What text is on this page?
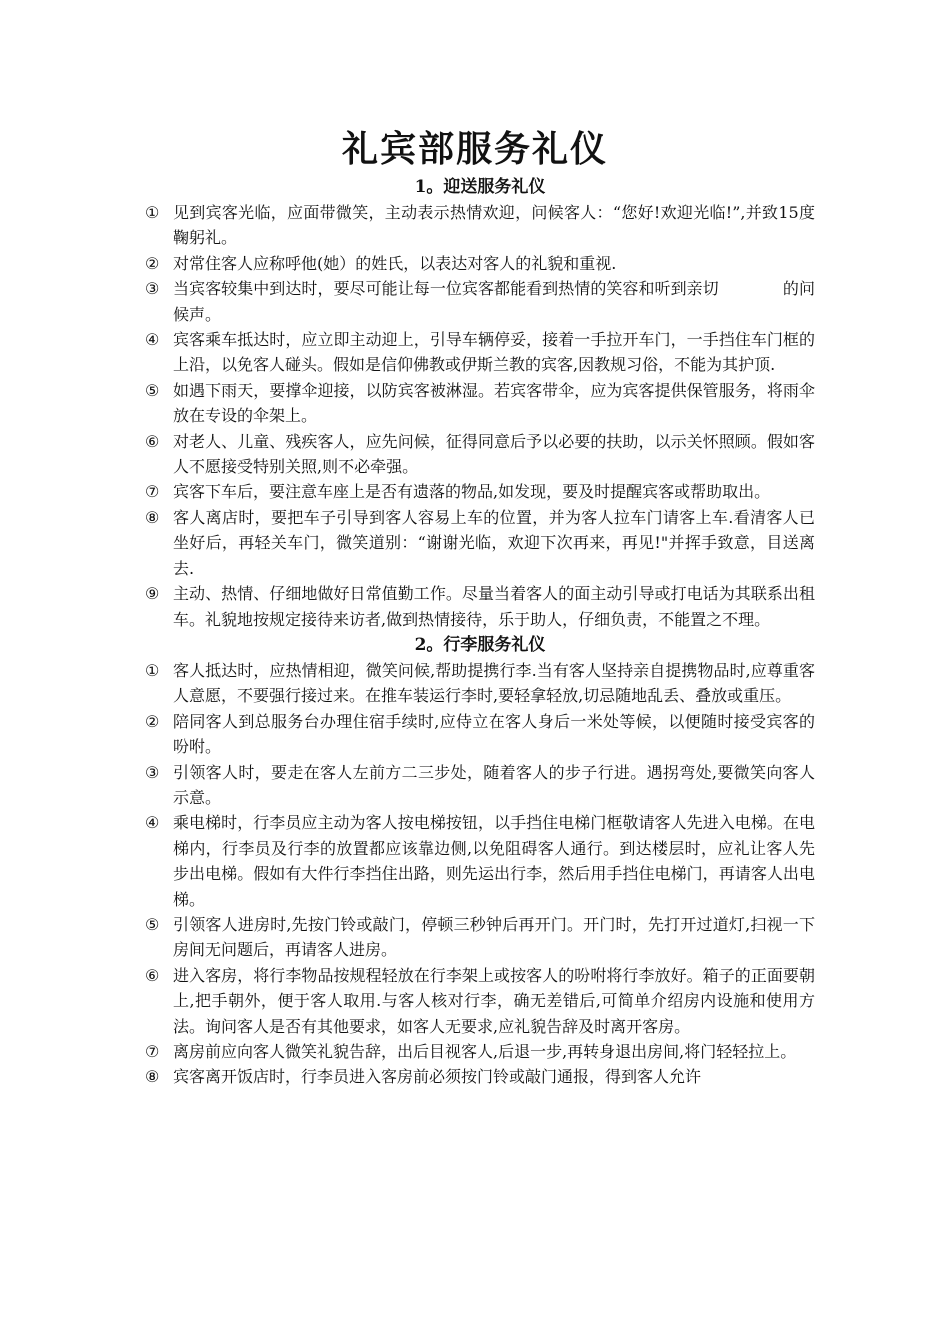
礼宾部服务礼仪
1。迎送服务礼仪
① 见到宾客光临，应面带微笑，主动表示热情欢迎，问候客人：“您好!欢迎光临!”,并致15度鞠躬礼。
② 对常住客人应称呼他(她）的姓氏，以表达对客人的礼貌和重视.
③ 当宾客较集中到达时，要尽可能让每一位宾客都能看到热情的笑容和听到亲切　　　　的问候声。
④ 宾客乘车抵达时，应立即主动迎上，引导车辆停妥，接着一手拉开车门，一手挡住车门框的上沿，以免客人碰头。假如是信仰佛教或伊斯兰教的宾客,因教规习俗，不能为其护顶.
⑤ 如遇下雨天，要撑伞迎接，以防宾客被淋湿。若宾客带伞，应为宾客提供保管服务，将雨伞放在专设的伞架上。
⑥ 对老人、儿童、残疾客人，应先问候，征得同意后予以必要的扶助，以示关怀照顾。假如客人不愿接受特别关照,则不必牵强。
⑦ 宾客下车后，要注意车座上是否有遗落的物品,如发现，要及时提醒宾客或帮助取出。
⑧ 客人离店时，要把车子引导到客人容易上车的位置，并为客人拉车门请客上车.看清客人已坐好后，再轻关车门，微笑道别：“谢谢光临，欢迎下次再来，再见!"并挥手致意，目送离去.
⑨ 主动、热情、仔细地做好日常值勤工作。尽量当着客人的面主动引导或打电话为其联系出租车。礼貌地按规定接待来访者,做到热情接待，乐于助人，仔细负责，不能置之不理。
2。行李服务礼仪
① 客人抵达时，应热情相迎，微笑问候,帮助提携行李.当有客人坚持亲自提携物品时,应尊重客人意愿，不要强行接过来。在推车装运行李时,要轻拿轻放,切忌随地乱丢、叠放或重压。
② 陪同客人到总服务台办理住宿手续时,应侍立在客人身后一米处等候，以便随时接受宾客的吩咐。
③ 引领客人时，要走在客人左前方二三步处，随着客人的步子行进。遇拐弯处,要微笑向客人示意。
④ 乘电梯时，行李员应主动为客人按电梯按钮，以手挡住电梯门框敬请客人先进入电梯。在电梯内，行李员及行李的放置都应该靠边侧,以免阻碍客人通行。到达楼层时，应礼让客人先步出电梯。假如有大件行李挡住出路，则先运出行李，然后用手挡住电梯门，再请客人出电梯。
⑤ 引领客人进房时,先按门铃或敲门，停顿三秒钟后再开门。开门时，先打开过道灯,扫视一下房间无问题后，再请客人进房。
⑥ 进入客房，将行李物品按规程轻放在行李架上或按客人的吩咐将行李放好。箱子的正面要朝上,把手朝外，便于客人取用.与客人核对行李，确无差错后,可简单介绍房内设施和使用方法。询问客人是否有其他要求，如客人无要求,应礼貌告辞及时离开客房。
⑦ 离房前应向客人微笑礼貌告辞，出后目视客人,后退一步,再转身退出房间,将门轻轻拉上。
⑧ 宾客离开饭店时，行李员进入客房前必须按门铃或敲门通报，得到客人允许
